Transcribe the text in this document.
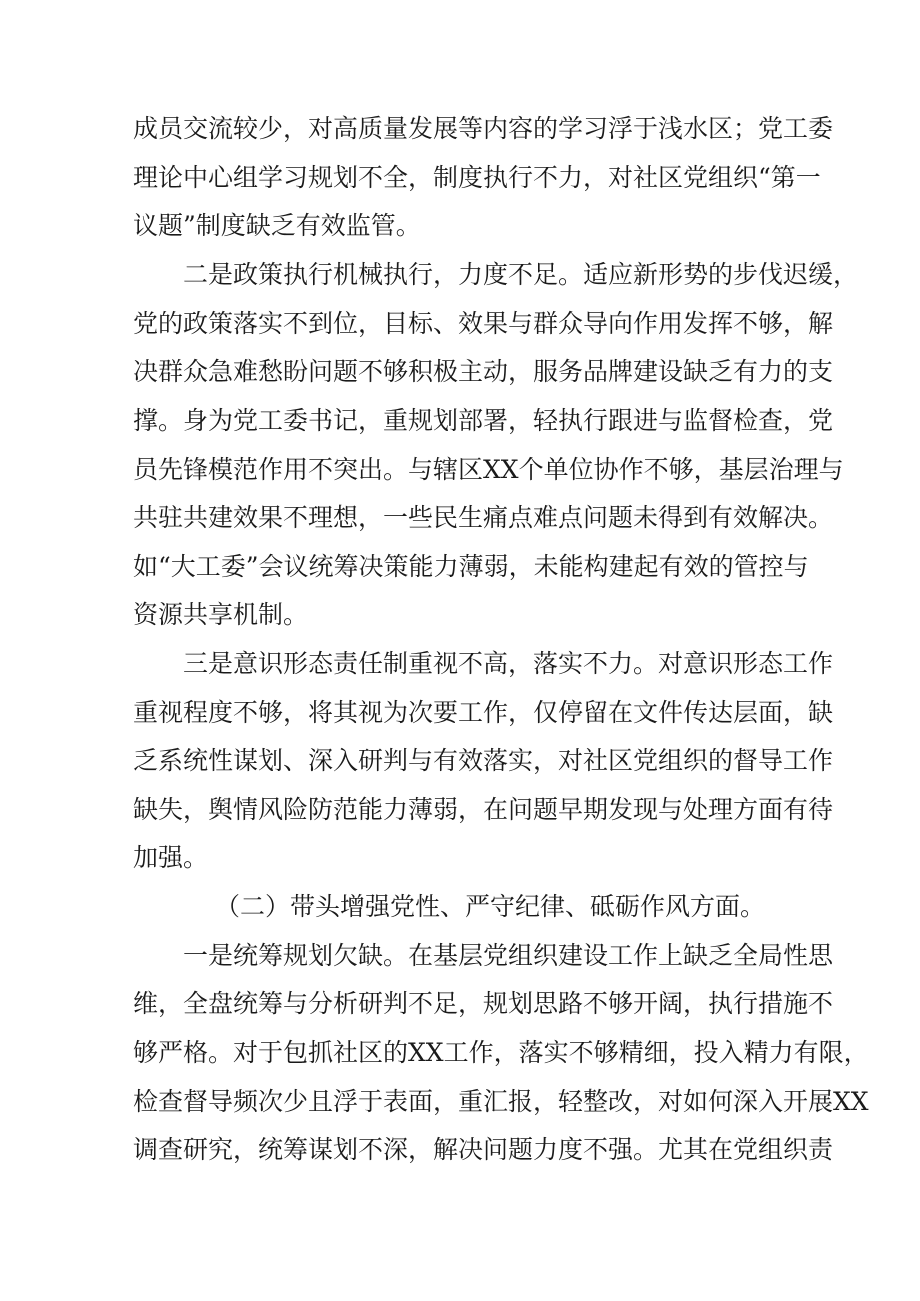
成员交流较少，对高质量发展等内容的学习浮于浅水区；党工委

理论中心组学习规划不全，制度执行不力，对社区党组织“第一

议题”制度缺乏有效监管。

二是政策执行机械执行，力度不足。适应新形势的步伐迟缓，

党的政策落实不到位，目标、效果与群众导向作用发挥不够，解

决群众急难愁盼问题不够积极主动，服务品牌建设缺乏有力的支

撑。身为党工委书记，重规划部署，轻执行跟进与监督检查，党

员先锋模范作用不突出。与辖区XX个单位协作不够，基层治理与

共驻共建效果不理想，一些民生痛点难点问题未得到有效解决。

如“大工委”会议统筹决策能力薄弱，未能构建起有效的管控与

资源共享机制。

三是意识形态责任制重视不高，落实不力。对意识形态工作

重视程度不够，将其视为次要工作，仅停留在文件传达层面，缺

乏系统性谋划、深入研判与有效落实，对社区党组织的督导工作

缺失，舆情风险防范能力薄弱，在问题早期发现与处理方面有待

加强。

（二）带头增强党性、严守纪律、砥砺作风方面。

一是统筹规划欠缺。在基层党组织建设工作上缺乏全局性思

维，全盘统筹与分析研判不足，规划思路不够开阔，执行措施不

够严格。对于包抓社区的XX工作，落实不够精细，投入精力有限，

检查督导频次少且浮于表面，重汇报，轻整改，对如何深入开展XX

调查研究，统筹谋划不深，解决问题力度不强。尤其在党组织责
